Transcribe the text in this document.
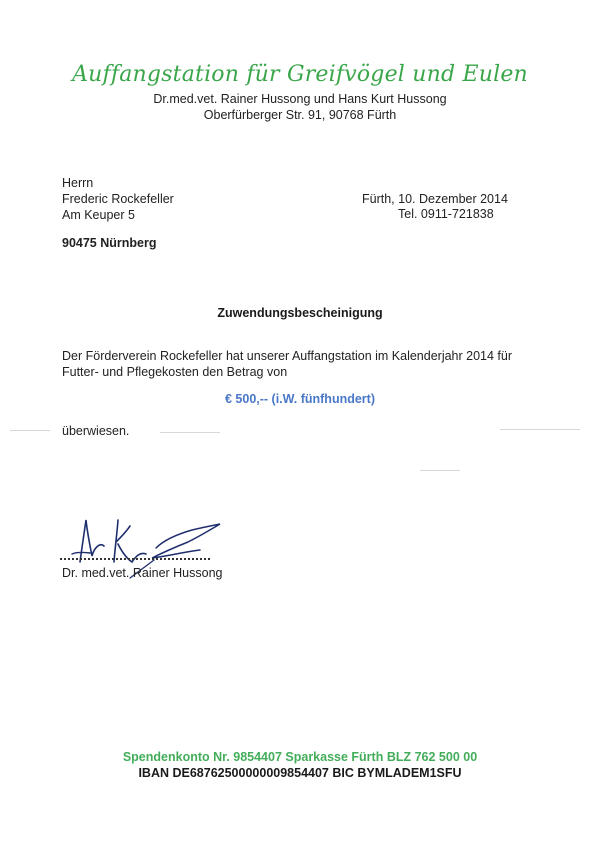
Auffangstation für Greifvögel und Eulen
Dr.med.vet. Rainer Hussong und Hans Kurt Hussong
Oberfürberger Str. 91, 90768 Fürth
Herrn
Frederic Rockefeller
Am Keuper 5
90475 Nürnberg
Fürth, 10. Dezember 2014
Tel. 0911-721838
Zuwendungsbescheinigung
Der Förderverein Rockefeller hat unserer Auffangstation im Kalenderjahr 2014 für
Futter- und Pflegekosten den Betrag von
€ 500,-- (i.W. fünfhundert)
überwiesen.
Dr. med.vet. Rainer Hussong
Spendenkonto Nr. 9854407 Sparkasse Fürth BLZ 762 500 00
IBAN DE68762500000009854407 BIC BYMLADEM1SFU
